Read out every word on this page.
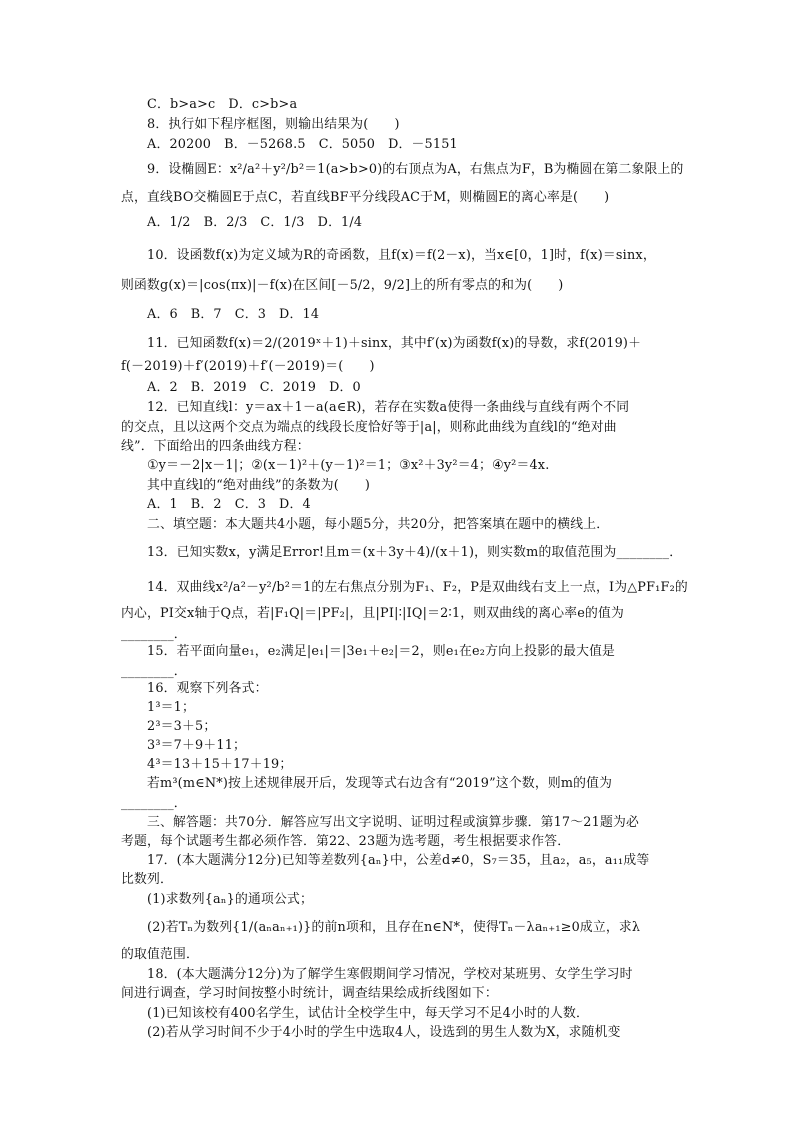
C．b>a>c　D．c>b>a
8．执行如下程序框图，则输出结果为(　　)
A．20200　B．－5268.5　C．5050　D．－5151
9．设椭圆E：x²/a²＋y²/b²＝1(a>b>0)的右顶点为A，右焦点为F，B为椭圆在第二象限上的
点，直线BO交椭圆E于点C，若直线BF平分线段AC于M，则椭圆E的离心率是(　　)
A．1/2　B．2/3　C．1/3　D．1/4
10．设函数f(x)为定义域为R的奇函数，且f(x)＝f(2－x)，当x∈[0，1]时，f(x)＝sinx，
则函数g(x)＝|cos(πx)|－f(x)在区间[－5/2，9/2]上的所有零点的和为(　　)
A．6　B．7　C．3　D．14
11．已知函数f(x)＝2/(2019ˣ＋1)＋sinx，其中f′(x)为函数f(x)的导数，求f(2019)＋
f(－2019)＋f′(2019)＋f′(－2019)＝(　　)
A．2　B．2019　C．2019　D．0
12．已知直线l：y＝ax＋1－a(a∈R)，若存在实数a使得一条曲线与直线有两个不同
的交点，且以这两个交点为端点的线段长度恰好等于|a|，则称此曲线为直线l的“绝对曲
线”．下面给出的四条曲线方程：
①y＝－2|x－1|；②(x－1)²＋(y－1)²＝1；③x²＋3y²＝4；④y²＝4x.
其中直线l的“绝对曲线”的条数为(　　)
A．1　B．2　C．3　D．4
二、填空题：本大题共4小题，每小题5分，共20分，把答案填在题中的横线上．
13．已知实数x，y满足Error!且m＝(x＋3y＋4)/(x＋1)，则实数m的取值范围为________．
14．双曲线x²/a²－y²/b²＝1的左右焦点分别为F₁、F₂，P是双曲线右支上一点，I为△PF₁F₂的
内心，PI交x轴于Q点，若|F₁Q|＝|PF₂|，且|PI|∶|IQ|＝2∶1，则双曲线的离心率e的值为
________．
15．若平面向量e₁，e₂满足|e₁|＝|3e₁＋e₂|＝2，则e₁在e₂方向上投影的最大值是
________．
16．观察下列各式：
1³＝1；
2³＝3＋5；
3³＝7＋9＋11；
4³＝13＋15＋17＋19；
若m³(m∈N*)按上述规律展开后，发现等式右边含有“2019”这个数，则m的值为
________．
三、解答题：共70分．解答应写出文字说明、证明过程或演算步骤．第17～21题为必
考题，每个试题考生都必须作答．第22、23题为选考题，考生根据要求作答．
17．(本大题满分12分)已知等差数列{aₙ}中，公差d≠0，S₇＝35，且a₂，a₅，a₁₁成等
比数列．
(1)求数列{aₙ}的通项公式；
(2)若Tₙ为数列{1/(aₙaₙ₊₁)}的前n项和，且存在n∈N*，使得Tₙ－λaₙ₊₁≥0成立，求λ
的取值范围．
18．(本大题满分12分)为了解学生寒假期间学习情况，学校对某班男、女学生学习时
间进行调查，学习时间按整小时统计，调查结果绘成折线图如下：
(1)已知该校有400名学生，试估计全校学生中，每天学习不足4小时的人数．
(2)若从学习时间不少于4小时的学生中选取4人，设选到的男生人数为X，求随机变
